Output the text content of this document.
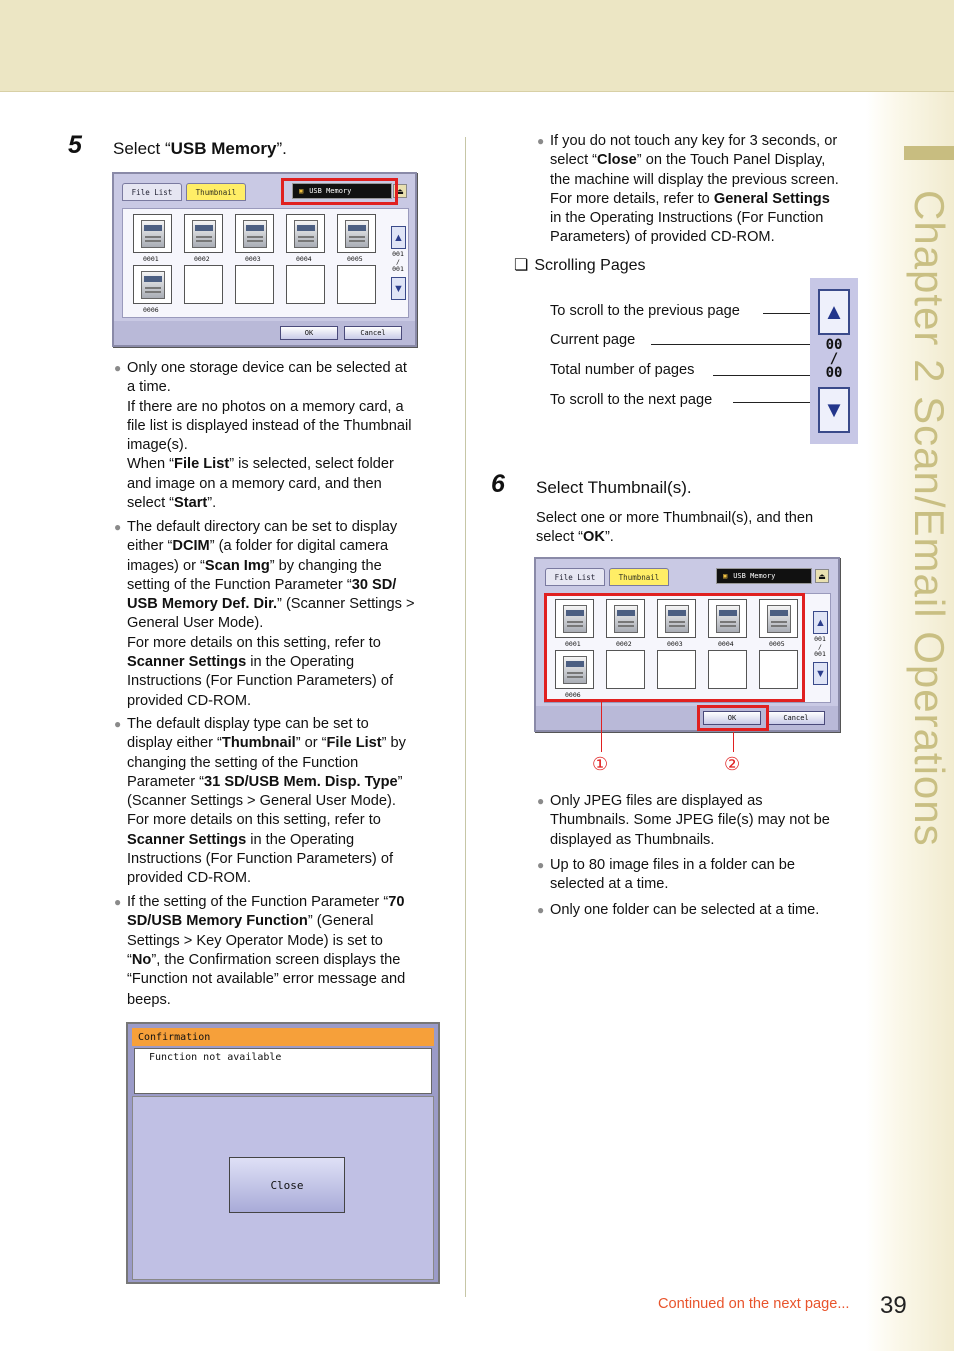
Chapter 2 Scan/Email Operations
5 Select “USB Memory”.
File List	Thumbnail	▣ USB Memory	⏏
0001	0002	0003	0004	0005
0006
▲
001
/
001
▼
OK	Cancel
● Only one storage device can be selected at
a time.
If there are no photos on a memory card, a
file list is displayed instead of the Thumbnail
image(s).
When “File List” is selected, select folder
and image on a memory card, and then
select “Start”.
● The default directory can be set to display
either “DCIM” (a folder for digital camera
images) or “Scan Img” by changing the
setting of the Function Parameter “30 SD/
USB Memory Def. Dir.” (Scanner Settings >
General User Mode).
For more details on this setting, refer to
Scanner Settings in the Operating
Instructions (For Function Parameters) of
provided CD-ROM.
● The default display type can be set to
display either “Thumbnail” or “File List” by
changing the setting of the Function
Parameter “31 SD/USB Mem. Disp. Type”
(Scanner Settings > General User Mode).
For more details on this setting, refer to
Scanner Settings in the Operating
Instructions (For Function Parameters) of
provided CD-ROM.
● If the setting of the Function Parameter “70
SD/USB Memory Function” (General
Settings > Key Operator Mode) is set to
“No”, the Confirmation screen displays the
“Function not available” error message and
beeps.
Confirmation
Function not available
Close
● If you do not touch any key for 3 seconds, or
select “Close” on the Touch Panel Display,
the machine will display the previous screen.
For more details, refer to General Settings
in the Operating Instructions (For Function
Parameters) of provided CD-ROM.
❏ Scrolling Pages
To scroll to the previous page
Current page
Total number of pages
To scroll to the next page
▲
00
/
00
▼
6 Select Thumbnail(s).
Select one or more Thumbnail(s), and then
select “OK”.
File List	Thumbnail	▣ USB Memory	⏏
0001	0002	0003	0004	0005
0006
▲
001
/
001
▼
OK	Cancel
①	②
● Only JPEG files are displayed as
Thumbnails. Some JPEG file(s) may not be
displayed as Thumbnails.
● Up to 80 image files in a folder can be
selected at a time.
● Only one folder can be selected at a time.
Continued on the next page... 39
